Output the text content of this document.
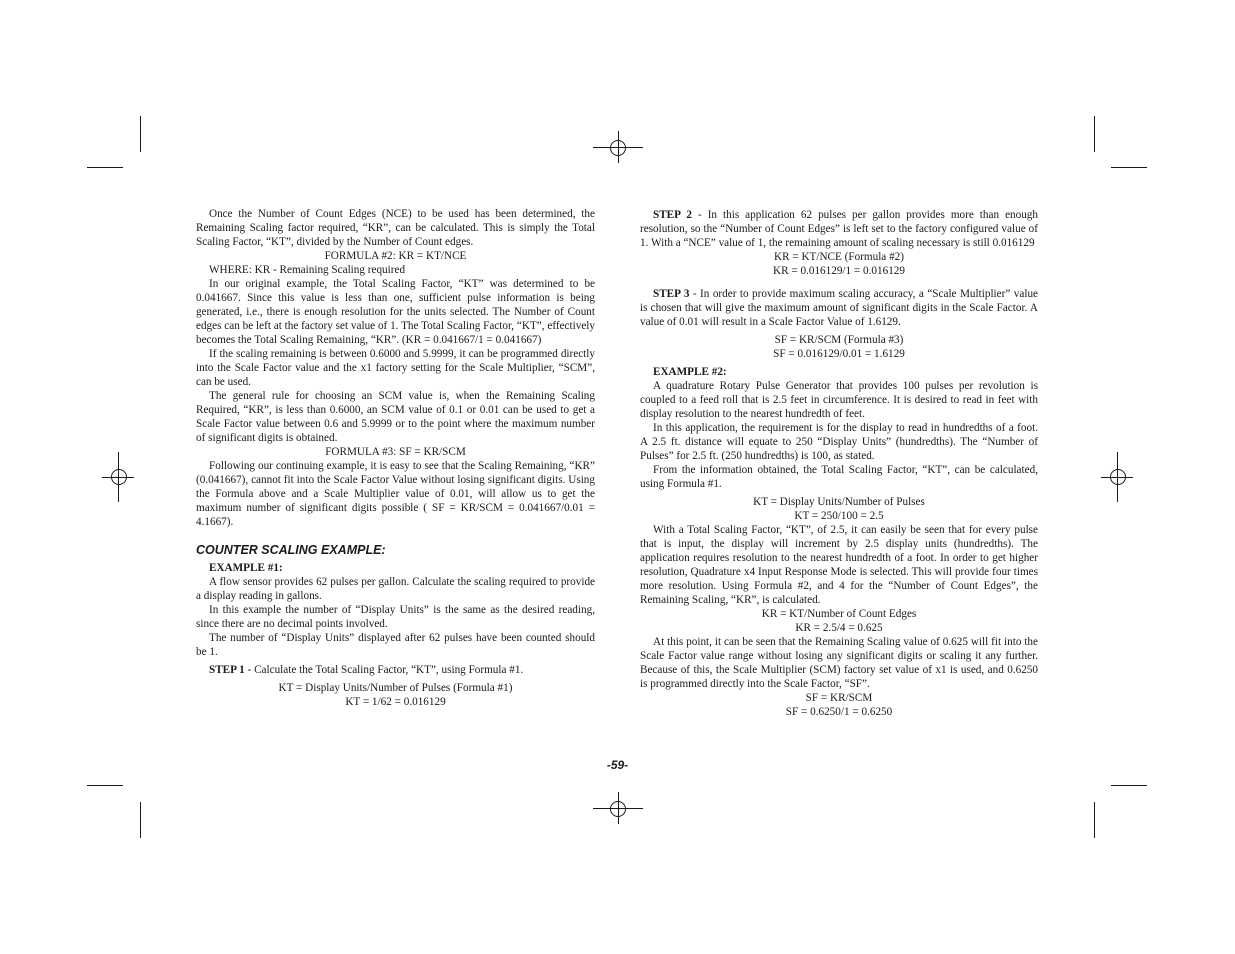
Once the Number of Count Edges (NCE) to be used has been determined, the Remaining Scaling factor required, “KR”, can be calculated. This is simply the Total Scaling Factor, “KT”, divided by the Number of Count edges.

FORMULA #2: KR = KT/NCE

WHERE: KR - Remaining Scaling required

In our original example, the Total Scaling Factor, “KT” was determined to be 0.041667. Since this value is less than one, sufficient pulse information is being generated, i.e., there is enough resolution for the units selected. The Number of Count edges can be left at the factory set value of 1. The Total Scaling Factor, “KT”, effectively becomes the Total Scaling Remaining, “KR”. (KR = 0.041667/1 = 0.041667)

If the scaling remaining is between 0.6000 and 5.9999, it can be programmed directly into the Scale Factor value and the x1 factory setting for the Scale Multiplier, “SCM”, can be used.

The general rule for choosing an SCM value is, when the Remaining Scaling Required, “KR”, is less than 0.6000, an SCM value of 0.1 or 0.01 can be used to get a Scale Factor value between 0.6 and 5.9999 or to the point where the maximum number of significant digits is obtained.

FORMULA #3: SF = KR/SCM

Following our continuing example, it is easy to see that the Scaling Remaining, “KR” (0.041667), cannot fit into the Scale Factor Value without losing significant digits. Using the Formula above and a Scale Multiplier value of 0.01, will allow us to get the maximum number of significant digits possible ( SF = KR/SCM = 0.041667/0.01 = 4.1667).

COUNTER SCALING EXAMPLE:

EXAMPLE #1:

A flow sensor provides 62 pulses per gallon. Calculate the scaling required to provide a display reading in gallons.

In this example the number of “Display Units” is the same as the desired reading, since there are no decimal points involved.

The number of “Display Units” displayed after 62 pulses have been counted should be 1.

STEP 1 - Calculate the Total Scaling Factor, “KT”, using Formula #1.

KT = Display Units/Number of Pulses (Formula #1)

KT = 1/62 = 0.016129

STEP 2 - In this application 62 pulses per gallon provides more than enough resolution, so the “Number of Count Edges” is left set to the factory configured value of 1. With a “NCE” value of 1, the remaining amount of scaling necessary is still 0.016129

KR = KT/NCE (Formula #2)

KR = 0.016129/1 = 0.016129

STEP 3 - In order to provide maximum scaling accuracy, a “Scale Multiplier” value is chosen that will give the maximum amount of significant digits in the Scale Factor. A value of 0.01 will result in a Scale Factor Value of 1.6129.

SF = KR/SCM (Formula #3)

SF = 0.016129/0.01 = 1.6129

EXAMPLE #2:

A quadrature Rotary Pulse Generator that provides 100 pulses per revolution is coupled to a feed roll that is 2.5 feet in circumference. It is desired to read in feet with display resolution to the nearest hundredth of feet.

In this application, the requirement is for the display to read in hundredths of a foot. A 2.5 ft. distance will equate to 250 “Display Units” (hundredths). The “Number of Pulses” for 2.5 ft. (250 hundredths) is 100, as stated.

From the information obtained, the Total Scaling Factor, “KT”, can be calculated, using Formula #1.

KT = Display Units/Number of Pulses

KT = 250/100 = 2.5

With a Total Scaling Factor, “KT”, of 2.5, it can easily be seen that for every pulse that is input, the display will increment by 2.5 display units (hundredths). The application requires resolution to the nearest hundredth of a foot. In order to get higher resolution, Quadrature x4 Input Response Mode is selected. This will provide four times more resolution. Using Formula #2, and 4 for the “Number of Count Edges”, the Remaining Scaling, “KR”, is calculated.

KR = KT/Number of Count Edges

KR = 2.5/4 = 0.625

At this point, it can be seen that the Remaining Scaling value of 0.625 will fit into the Scale Factor value range without losing any significant digits or scaling it any further. Because of this, the Scale Multiplier (SCM) factory set value of x1 is used, and 0.6250 is programmed directly into the Scale Factor, “SF”.

SF = KR/SCM

SF = 0.6250/1 = 0.6250

-59-
